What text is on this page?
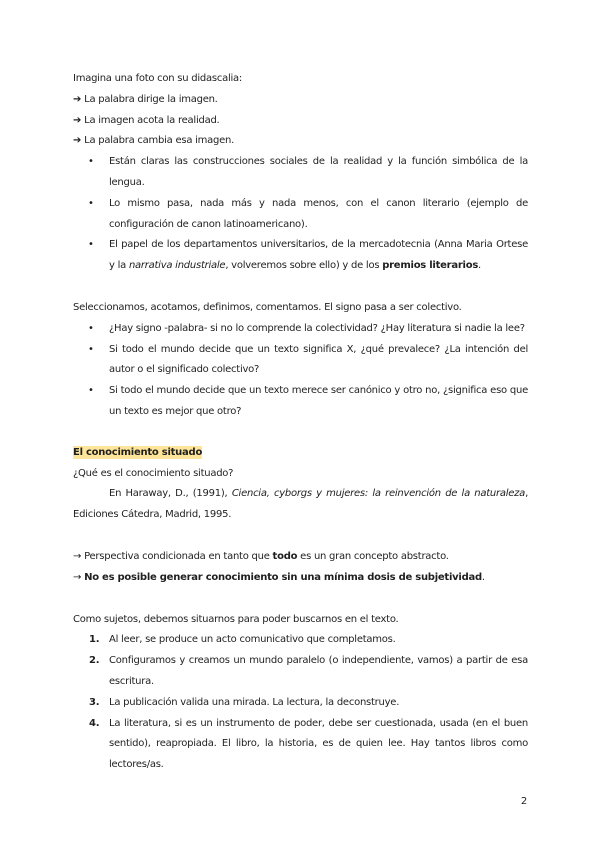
Imagina una foto con su didascalia:

➔ La palabra dirige la imagen.

➔ La imagen acota la realidad.

➔ La palabra cambia esa imagen.

• Están claras las construcciones sociales de la realidad y la función simbólica de la lengua.
• Lo mismo pasa, nada más y nada menos, con el canon literario (ejemplo de configuración de canon latinoamericano).
• El papel de los departamentos universitarios, de la mercadotecnia (Anna Maria Ortese y la narrativa industriale, volveremos sobre ello) y de los premios literarios.

Seleccionamos, acotamos, definimos, comentamos. El signo pasa a ser colectivo.

• ¿Hay signo -palabra- si no lo comprende la colectividad? ¿Hay literatura si nadie la lee?
• Si todo el mundo decide que un texto significa X, ¿qué prevalece? ¿La intención del autor o el significado colectivo?
• Si todo el mundo decide que un texto merece ser canónico y otro no, ¿significa eso que un texto es mejor que otro?

El conocimiento situado

¿Qué es el conocimiento situado?

En Haraway, D., (1991), Ciencia, cyborgs y mujeres: la reinvención de la naturaleza, Ediciones Cátedra, Madrid, 1995.

→ Perspectiva condicionada en tanto que todo es un gran concepto abstracto.

→ No es posible generar conocimiento sin una mínima dosis de subjetividad.

Como sujetos, debemos situarnos para poder buscarnos en el texto.

1. Al leer, se produce un acto comunicativo que completamos.
2. Configuramos y creamos un mundo paralelo (o independiente, vamos) a partir de esa escritura.
3. La publicación valida una mirada. La lectura, la deconstruye.
4. La literatura, si es un instrumento de poder, debe ser cuestionada, usada (en el buen sentido), reapropiada. El libro, la historia, es de quien lee. Hay tantos libros como lectores/as.
2
